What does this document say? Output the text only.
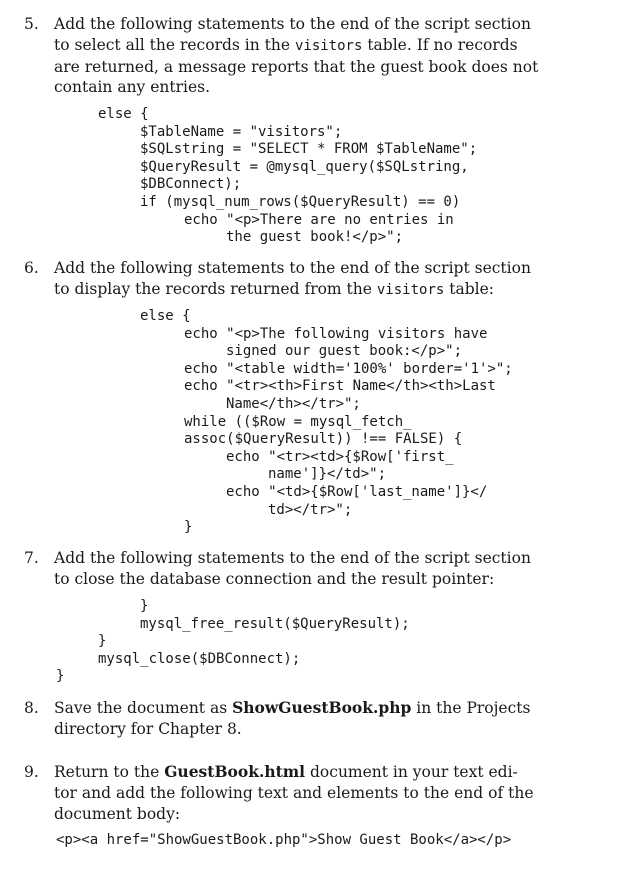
5. Add the following statements to the end of the script section

to select all the records in the visitors table. If no records

are returned, a message reports that the guest book does not

contain any entries.

else {
$TableName = "visitors";
$SQLstring = "SELECT * FROM $TableName";
$QueryResult = @mysql_query($SQLstring,
$DBConnect);
if (mysql_num_rows($QueryResult) == 0)
echo "<p>There are no entries in
the guest book!</p>";
6. Add the following statements to the end of the script section

to display the records returned from the visitors table:

else {
echo "<p>The following visitors have
signed our guest book:</p>";
echo "<table width='100%' border='1'>";
echo "<tr><th>First Name</th><th>Last
Name</th></tr>";
while (($Row = mysql_fetch_
assoc($QueryResult)) !== FALSE) {
echo "<tr><td>{$Row['first_
name']}</td>";
echo "<td>{$Row['last_name']}</
td></tr>";
}
7. Add the following statements to the end of the script section

to close the database connection and the result pointer:

}
mysql_free_result($QueryResult);
}
mysql_close($DBConnect);
}
8. Save the document as ShowGuestBook.php in the Projects

directory for Chapter 8.

9. Return to the GuestBook.html document in your text edi-

tor and add the following text and elements to the end of the

document body:

<p><a href="ShowGuestBook.php">Show Guest Book</a></p>
